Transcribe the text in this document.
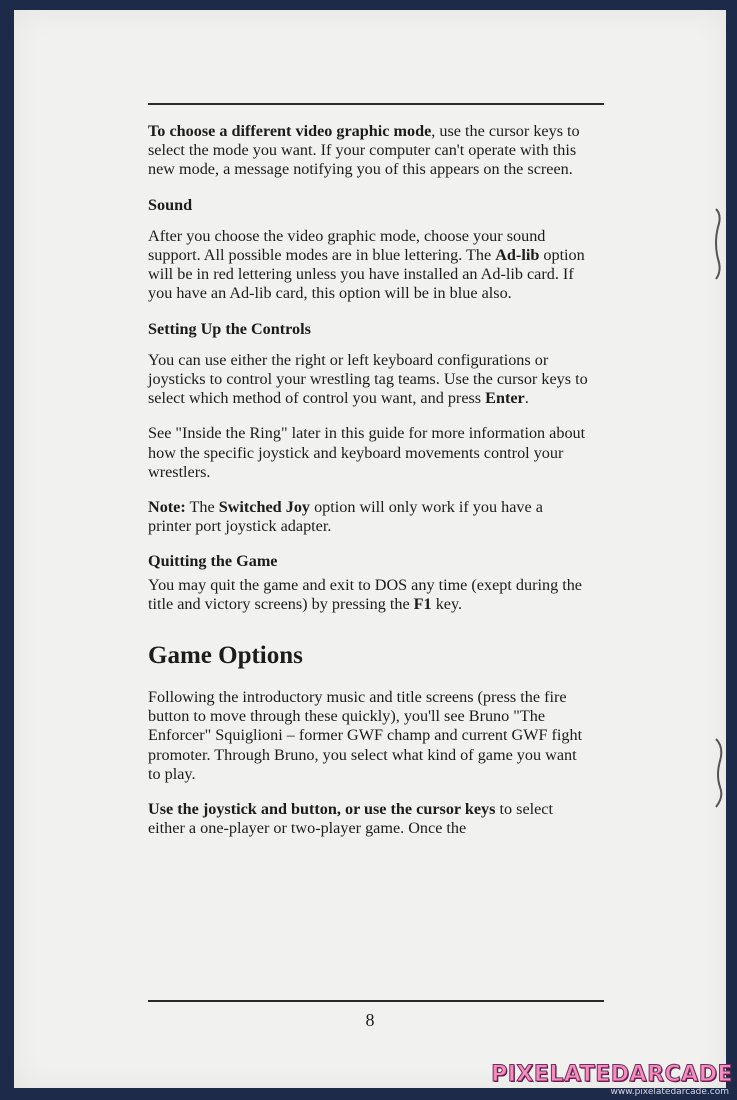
To choose a different video graphic mode, use the cursor keys to select the mode you want. If your computer can't operate with this new mode, a message notifying you of this appears on the screen.

Sound

After you choose the video graphic mode, choose your sound support. All possible modes are in blue lettering. The Ad-lib option will be in red lettering unless you have installed an Ad-lib card. If you have an Ad-lib card, this option will be in blue also.

Setting Up the Controls

You can use either the right or left keyboard configurations or joysticks to control your wrestling tag teams. Use the cursor keys to select which method of control you want, and press Enter.

See "Inside the Ring" later in this guide for more information about how the specific joystick and keyboard movements control your wrestlers.

Note: The Switched Joy option will only work if you have a printer port joystick adapter.

Quitting the Game

You may quit the game and exit to DOS any time (exept during the title and victory screens) by pressing the F1 key.

Game Options

Following the introductory music and title screens (press the fire button to move through these quickly), you'll see Bruno "The Enforcer" Squiglioni – former GWF champ and current GWF fight promoter. Through Bruno, you select what kind of game you want to play.

Use the joystick and button, or use the cursor keys to select either a one-player or two-player game. Once the

8
PIXELATEDARCADE
www.pixelatedarcade.com
